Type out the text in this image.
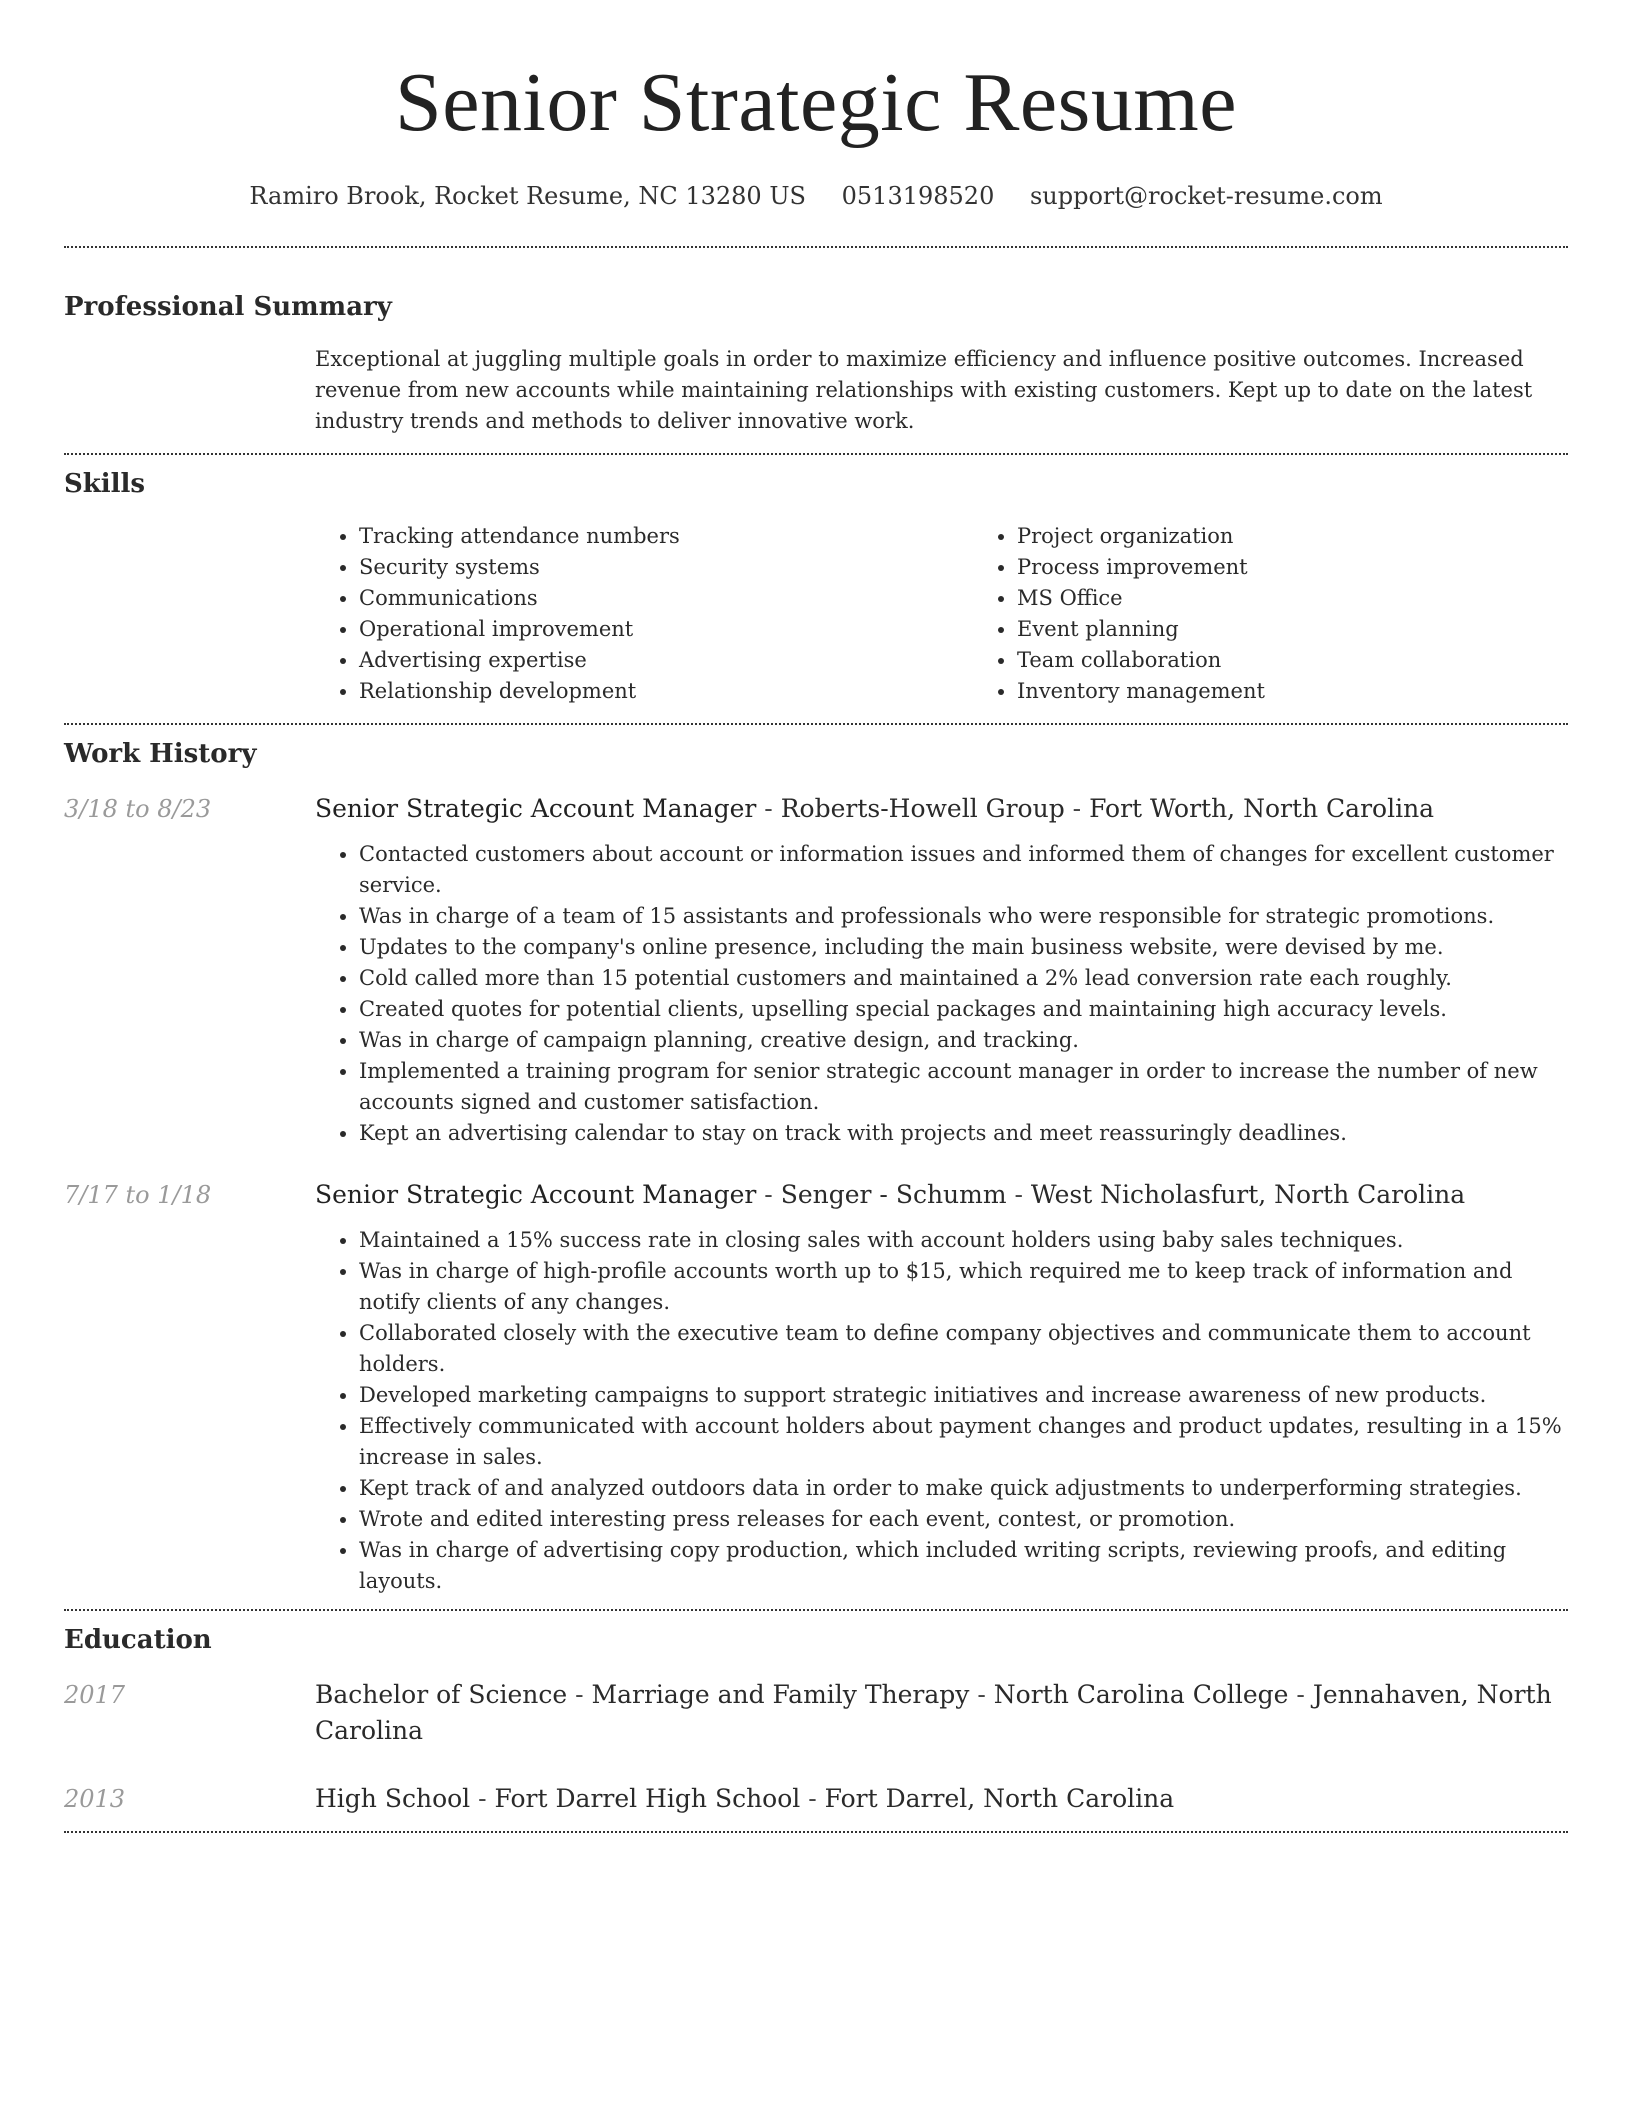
Senior Strategic Resume
Ramiro Brook, Rocket Resume, NC 13280 US 0513198520 support@rocket-resume.com
Professional Summary

Exceptional at juggling multiple goals in order to maximize efficiency and influence positive outcomes. Increased revenue from new accounts while maintaining relationships with existing customers. Kept up to date on the latest industry trends and methods to deliver innovative work.

Skills
• Tracking attendance numbers
• Security systems
• Communications
• Operational improvement
• Advertising expertise
• Relationship development
• Project organization
• Process improvement
• MS Office
• Event planning
• Team collaboration
• Inventory management
Work History
3/18 to 8/23	Senior Strategic Account Manager - Roberts-Howell Group - Fort Worth, North Carolina
• Contacted customers about account or information issues and informed them of changes for excellent customer service.
• Was in charge of a team of 15 assistants and professionals who were responsible for strategic promotions.
• Updates to the company's online presence, including the main business website, were devised by me.
• Cold called more than 15 potential customers and maintained a 2% lead conversion rate each roughly.
• Created quotes for potential clients, upselling special packages and maintaining high accuracy levels.
• Was in charge of campaign planning, creative design, and tracking.
• Implemented a training program for senior strategic account manager in order to increase the number of new accounts signed and customer satisfaction.
• Kept an advertising calendar to stay on track with projects and meet reassuringly deadlines.
7/17 to 1/18	Senior Strategic Account Manager - Senger - Schumm - West Nicholasfurt, North Carolina
• Maintained a 15% success rate in closing sales with account holders using baby sales techniques.
• Was in charge of high-profile accounts worth up to $15, which required me to keep track of information and notify clients of any changes.
• Collaborated closely with the executive team to define company objectives and communicate them to account holders.
• Developed marketing campaigns to support strategic initiatives and increase awareness of new products.
• Effectively communicated with account holders about payment changes and product updates, resulting in a 15% increase in sales.
• Kept track of and analyzed outdoors data in order to make quick adjustments to underperforming strategies.
• Wrote and edited interesting press releases for each event, contest, or promotion.
• Was in charge of advertising copy production, which included writing scripts, reviewing proofs, and editing layouts.
Education
2017	Bachelor of Science - Marriage and Family Therapy - North Carolina College - Jennahaven, North Carolina
2013	High School - Fort Darrel High School - Fort Darrel, North Carolina
